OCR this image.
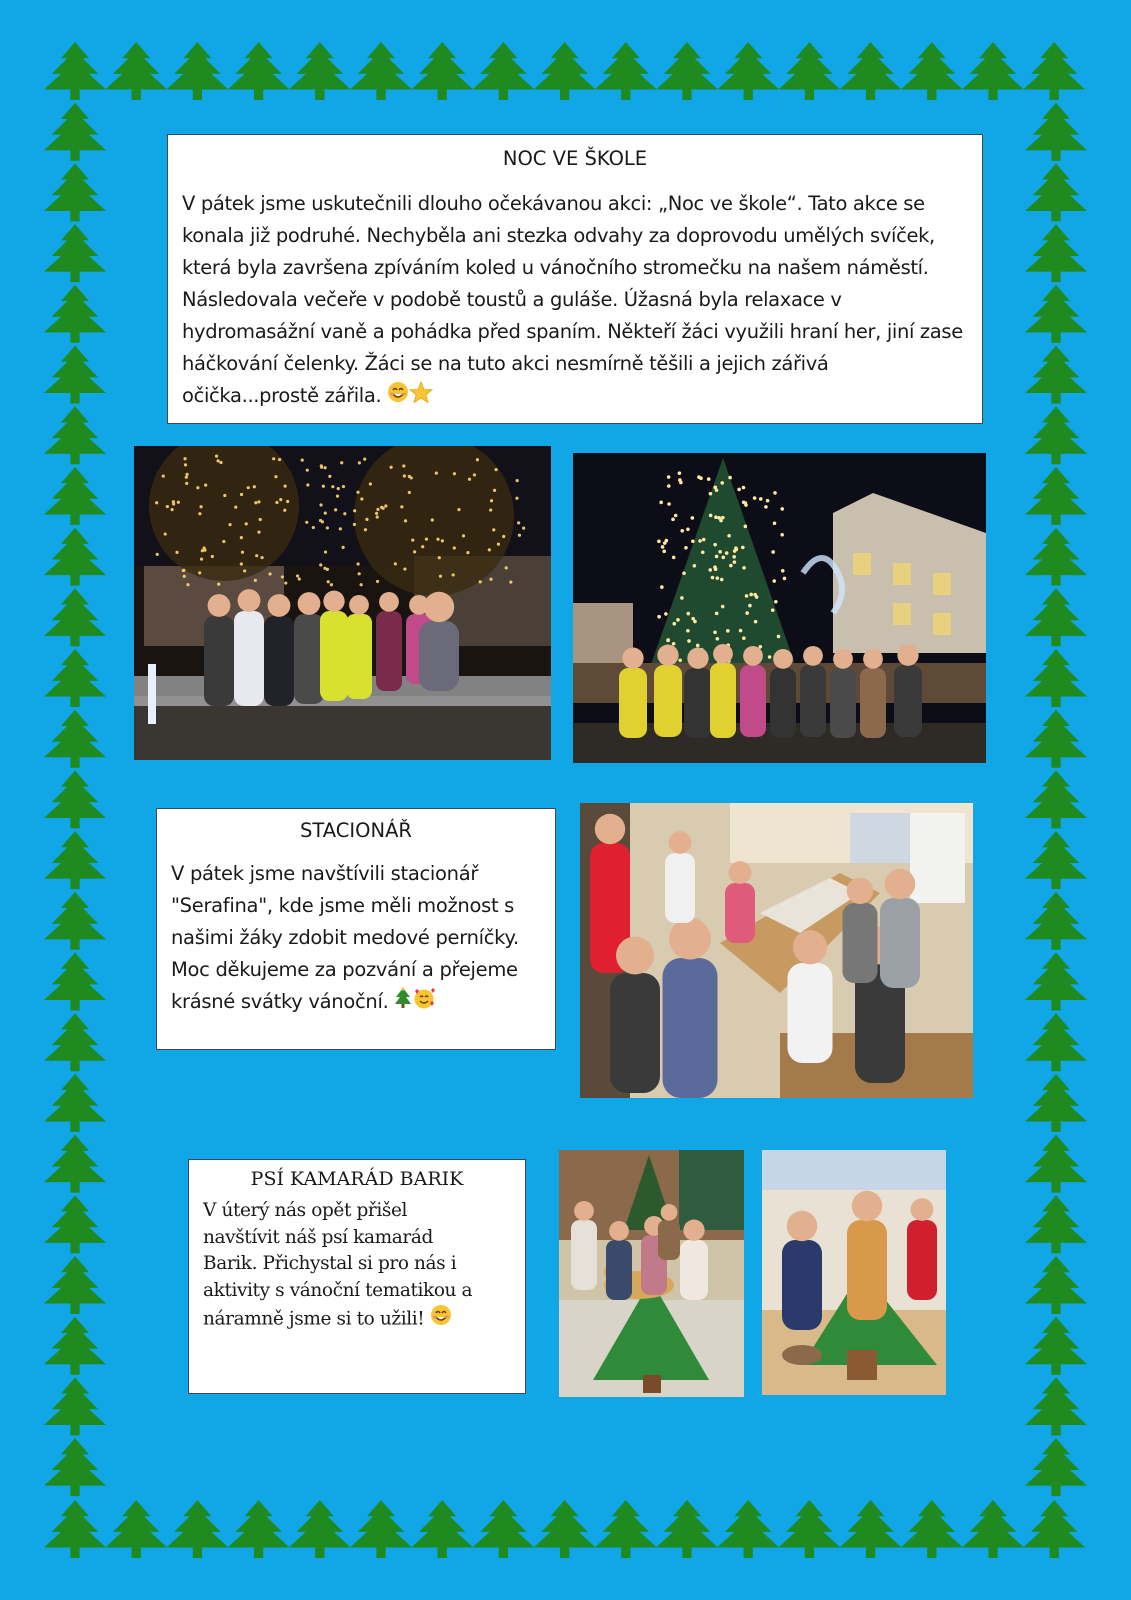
NOC VE ŠKOLE

V pátek jsme uskutečnili dlouho očekávanou akci: „Noc ve škole“. Tato akce se
konala již podruhé. Nechyběla ani stezka odvahy za doprovodu umělých svíček,
která byla završena zpíváním koled u vánočního stromečku na našem náměstí.
Následovala večeře v podobě toustů a guláše. Úžasná byla relaxace v
hydromasážní vaně a pohádka před spaním. Někteří žáci využili hraní her, jiní zase
háčkování čelenky. Žáci se na tuto akci nesmírně těšili a jejich zářivá
očička...prostě zářila.

STACIONÁŘ

V pátek jsme navštívili stacionář
"Serafina", kde jsme měli možnost s
našimi žáky zdobit medové perníčky.
Moc děkujeme za pozvání a přejeme
krásné svátky vánoční.

PSÍ KAMARÁD BARIK

V úterý nás opět přišel
navštívit náš psí kamarád
Barik. Přichystal si pro nás i
aktivity s vánoční tematikou a
náramně jsme si to užili!
